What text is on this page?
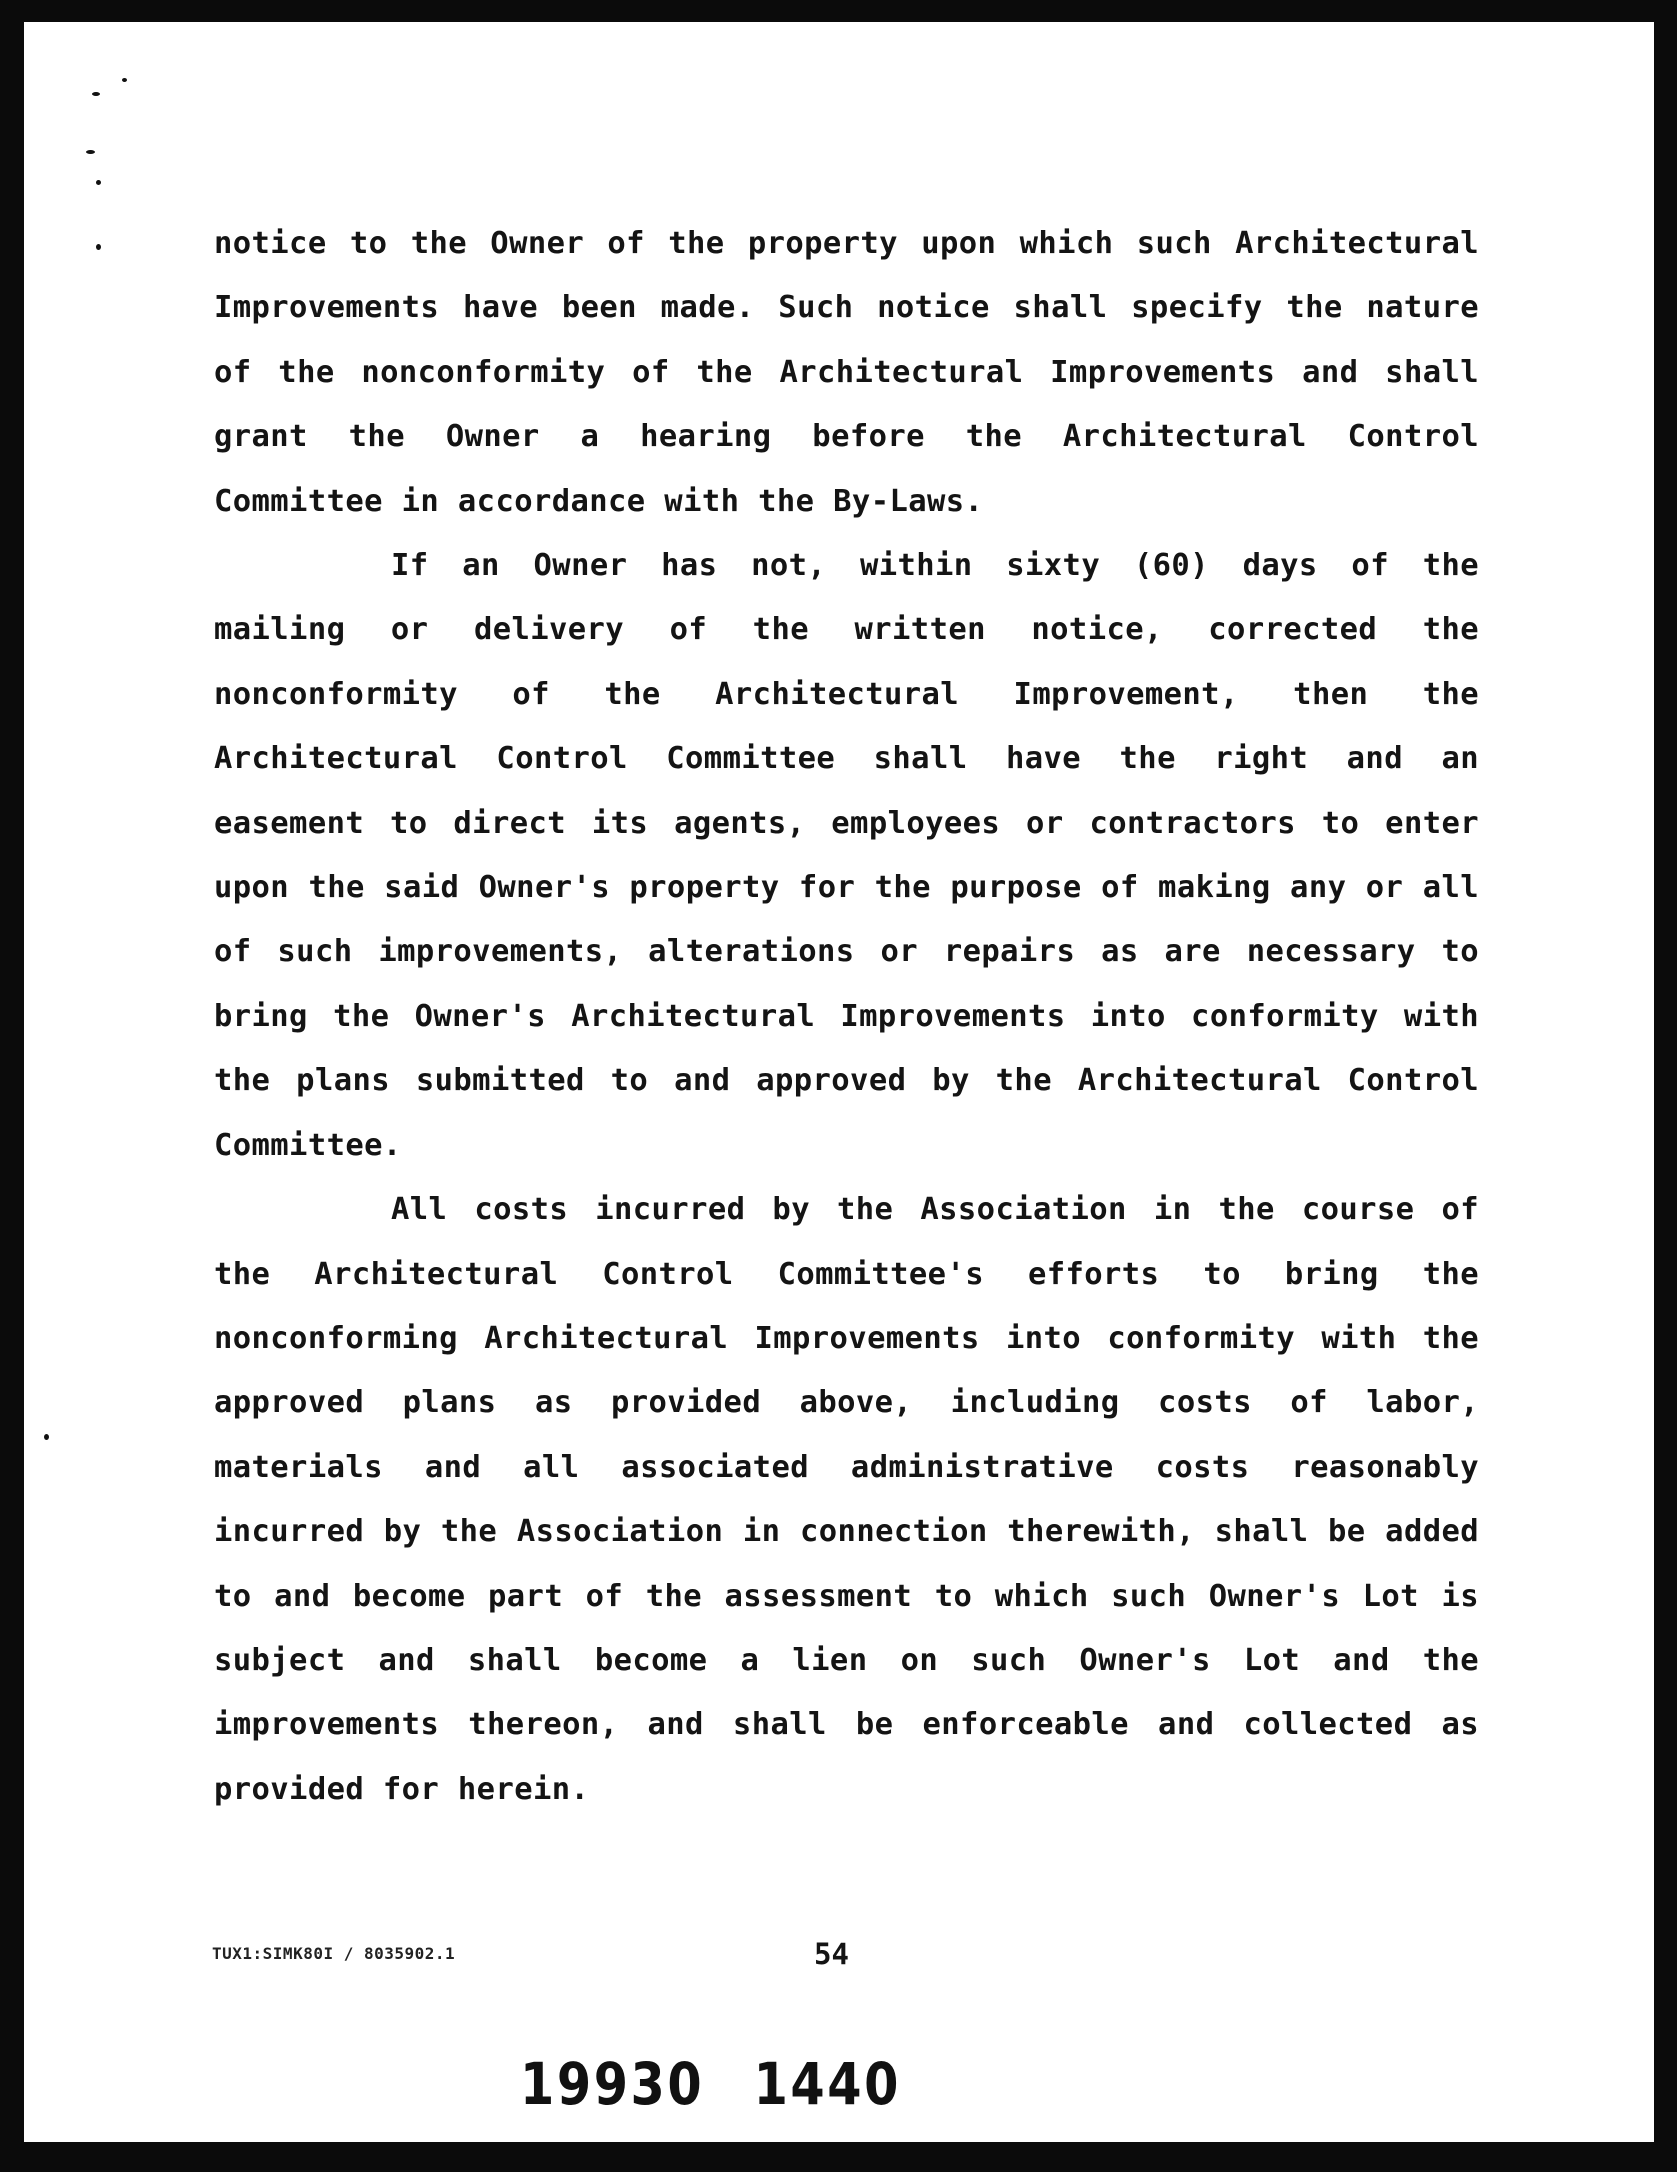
notice to the Owner of the property upon which such Architectural Improvements have been made. Such notice shall specify the nature of the nonconformity of the Architectural Improvements and shall grant the Owner a hearing before the Architectural Control Committee in accordance with the By-Laws.

If an Owner has not, within sixty (60) days of the mailing or delivery of the written notice, corrected the nonconformity of the Architectural Improvement, then the Architectural Control Committee shall have the right and an easement to direct its agents, employees or contractors to enter upon the said Owner's property for the purpose of making any or all of such improvements, alterations or repairs as are necessary to bring the Owner's Architectural Improvements into conformity with the plans submitted to and approved by the Architectural Control Committee.

All costs incurred by the Association in the course of the Architectural Control Committee's efforts to bring the nonconforming Architectural Improvements into conformity with the approved plans as provided above, including costs of labor, materials and all associated administrative costs reasonably incurred by the Association in connection therewith, shall be added to and become part of the assessment to which such Owner's Lot is subject and shall become a lien on such Owner's Lot and the improvements thereon, and shall be enforceable and collected as provided for herein.

TUX1:SIMK80I / 8035902.1	54
19930 1440
